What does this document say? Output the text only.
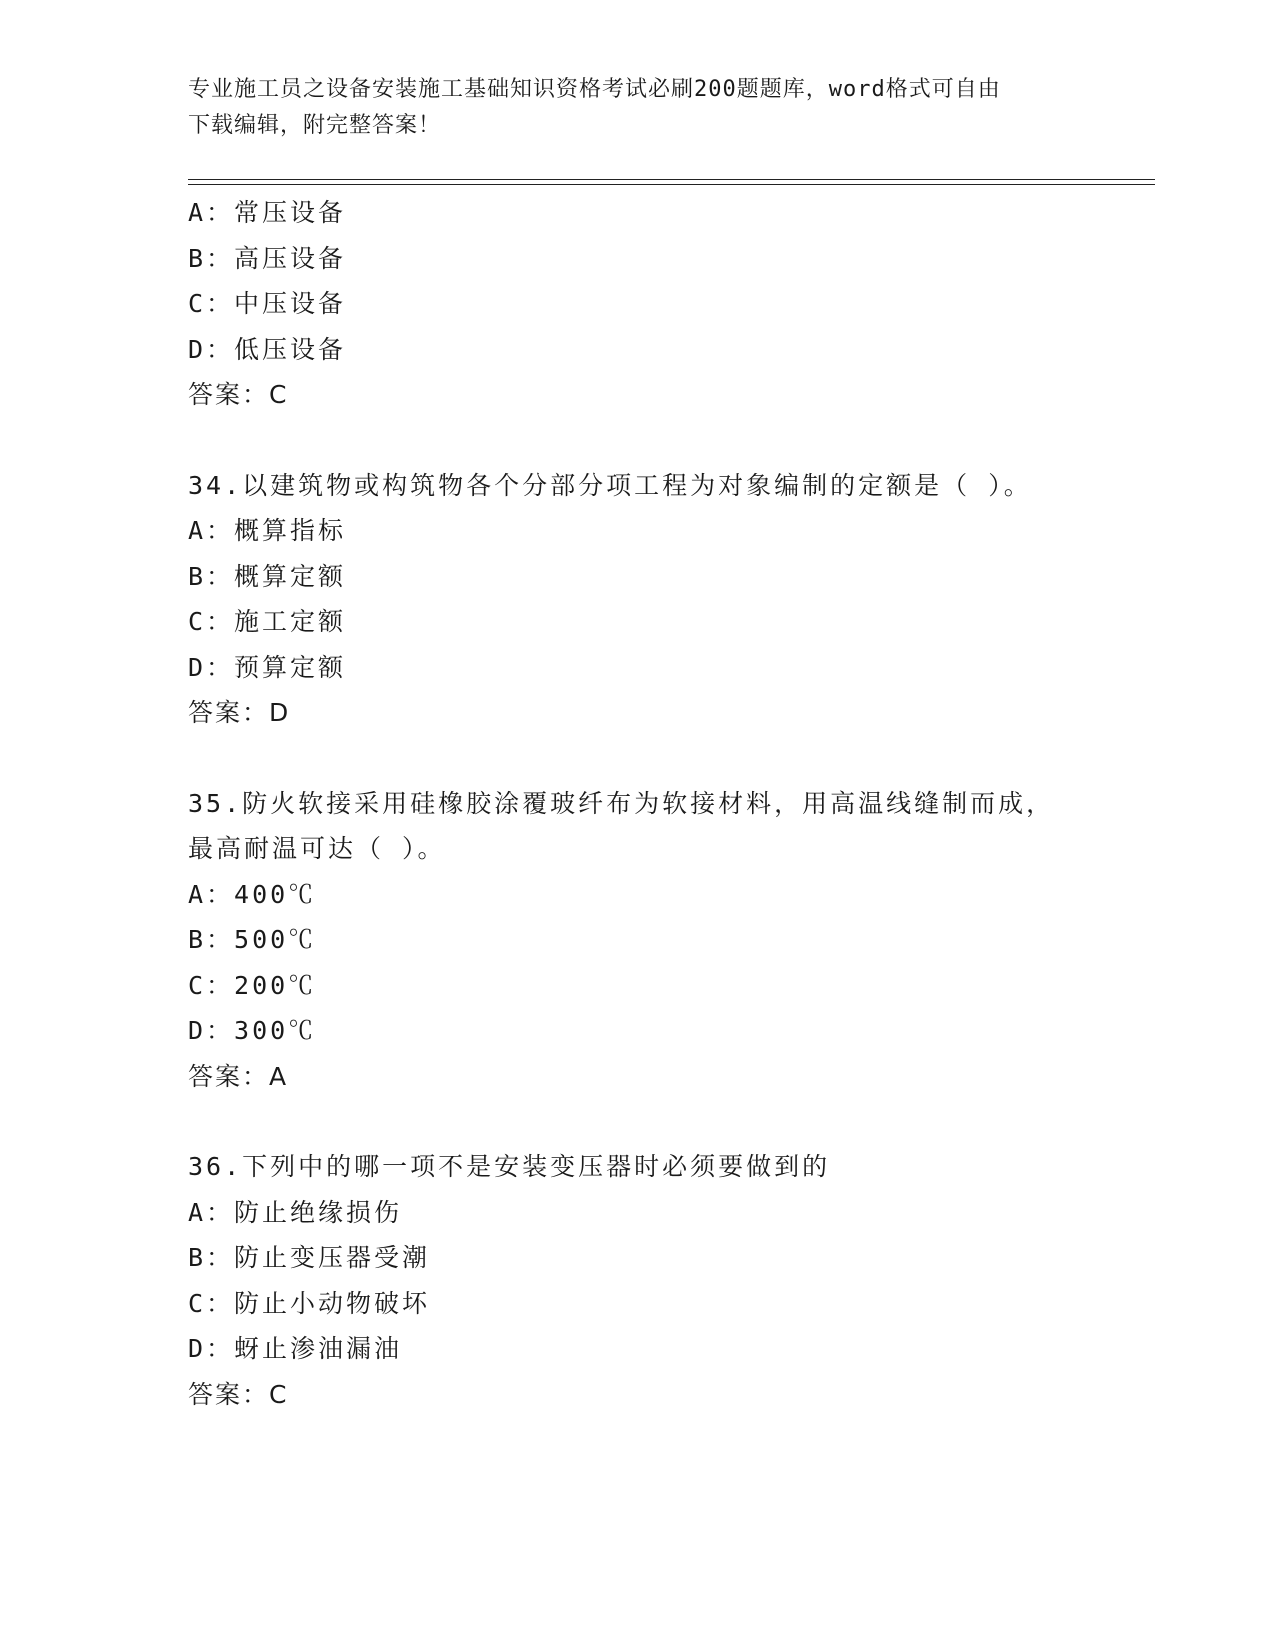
专业施工员之设备安装施工基础知识资格考试必刷200题题库，word格式可自由
下载编辑，附完整答案！
A：常压设备
B：高压设备
C：中压设备
D：低压设备
答案：C
34.以建筑物或构筑物各个分部分项工程为对象编制的定额是（ ）。
A：概算指标
B：概算定额
C：施工定额
D：预算定额
答案：D
35.防火软接采用硅橡胶涂覆玻纤布为软接材料，用高温线缝制而成，
最高耐温可达（ ）。
A：400℃
B：500℃
C：200℃
D：300℃
答案：A
36.下列中的哪一项不是安装变压器时必须要做到的
A：防止绝缘损伤
B：防止变压器受潮
C：防止小动物破坏
D：蚜止渗油漏油
答案：C
